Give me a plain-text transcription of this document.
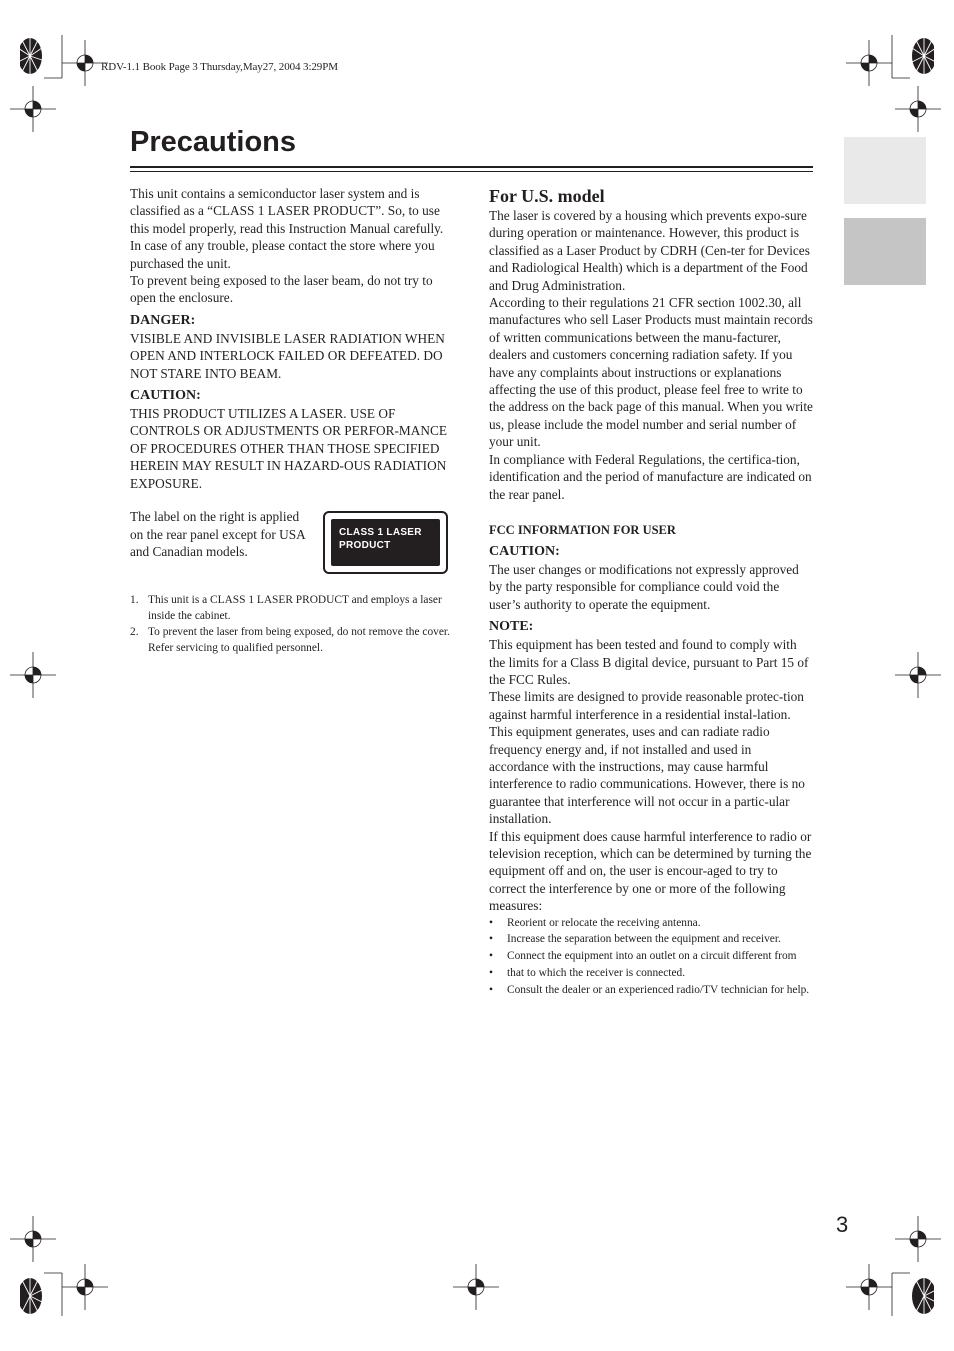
RDV-1.1 Book Page 3 Thursday,May27, 2004 3:29PM
Precautions

This unit contains a semiconductor laser system and is classified as a “CLASS 1 LASER PRODUCT”. So, to use this model properly, read this Instruction Manual carefully. In case of any trouble, please contact the store where you purchased the unit.

To prevent being exposed to the laser beam, do not try to open the enclosure.

DANGER:

VISIBLE AND INVISIBLE LASER RADIATION WHEN OPEN AND INTERLOCK FAILED OR DEFEATED. DO NOT STARE INTO BEAM.

CAUTION:

THIS PRODUCT UTILIZES A LASER. USE OF CONTROLS OR ADJUSTMENTS OR PERFOR-MANCE OF PROCEDURES OTHER THAN THOSE SPECIFIED HEREIN MAY RESULT IN HAZARD-OUS RADIATION EXPOSURE.

The label on the right is applied on the rear panel except for USA and Canadian models.

CLASS 1 LASER
PRODUCT
1. This unit is a CLASS 1 LASER PRODUCT and employs a laser inside the cabinet.
2. To prevent the laser from being exposed, do not remove the cover. Refer servicing to qualified personnel.

For U.S. model

The laser is covered by a housing which prevents expo-sure during operation or maintenance. However, this product is classified as a Laser Product by CDRH (Cen-ter for Devices and Radiological Health) which is a department of the Food and Drug Administration.

According to their regulations 21 CFR section 1002.30, all manufactures who sell Laser Products must maintain records of written communications between the manu-facturer, dealers and customers concerning radiation safety. If you have any complaints about instructions or explanations affecting the use of this product, please feel free to write to the address on the back page of this manual. When you write us, please include the model number and serial number of your unit.

In compliance with Federal Regulations, the certifica-tion, identification and the period of manufacture are indicated on the rear panel.

FCC INFORMATION FOR USER

CAUTION:

The user changes or modifications not expressly approved by the party responsible for compliance could void the user’s authority to operate the equipment.

NOTE:

This equipment has been tested and found to comply with the limits for a Class B digital device, pursuant to Part 15 of the FCC Rules.

These limits are designed to provide reasonable protec-tion against harmful interference in a residential instal-lation. This equipment generates, uses and can radiate radio frequency energy and, if not installed and used in accordance with the instructions, may cause harmful interference to radio communications. However, there is no guarantee that interference will not occur in a partic-ular installation.

If this equipment does cause harmful interference to radio or television reception, which can be determined by turning the equipment off and on, the user is encour-aged to try to correct the interference by one or more of the following measures:

• Reorient or relocate the receiving antenna.
• Increase the separation between the equipment and receiver.
• Connect the equipment into an outlet on a circuit different from
• that to which the receiver is connected.
• Consult the dealer or an experienced radio/TV technician for help.
3
